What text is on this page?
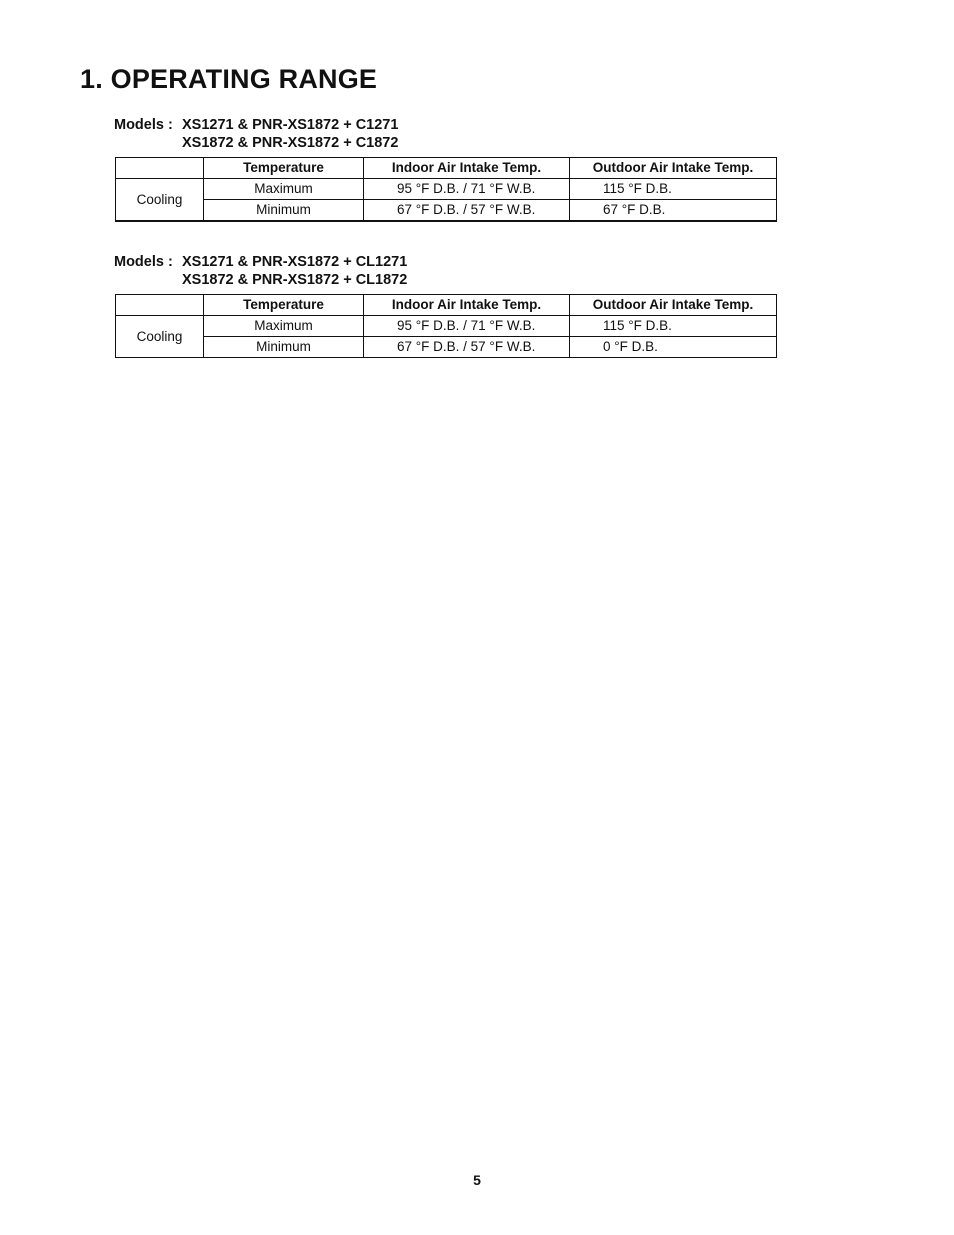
1. OPERATING RANGE
Models : XS1271 & PNR-XS1872 + C1271
XS1872 & PNR-XS1872 + C1872
	Temperature	Indoor Air Intake Temp.	Outdoor Air Intake Temp.
Cooling	Maximum	95 °F D.B. / 71 °F W.B.	115 °F D.B.
	Minimum	67 °F D.B. / 57 °F W.B.	67 °F D.B.
Models : XS1271 & PNR-XS1872 + CL1271
XS1872 & PNR-XS1872 + CL1872
	Temperature	Indoor Air Intake Temp.	Outdoor Air Intake Temp.
Cooling	Maximum	95 °F D.B. / 71 °F W.B.	115 °F D.B.
	Minimum	67 °F D.B. / 57 °F W.B.	0 °F D.B.
5
